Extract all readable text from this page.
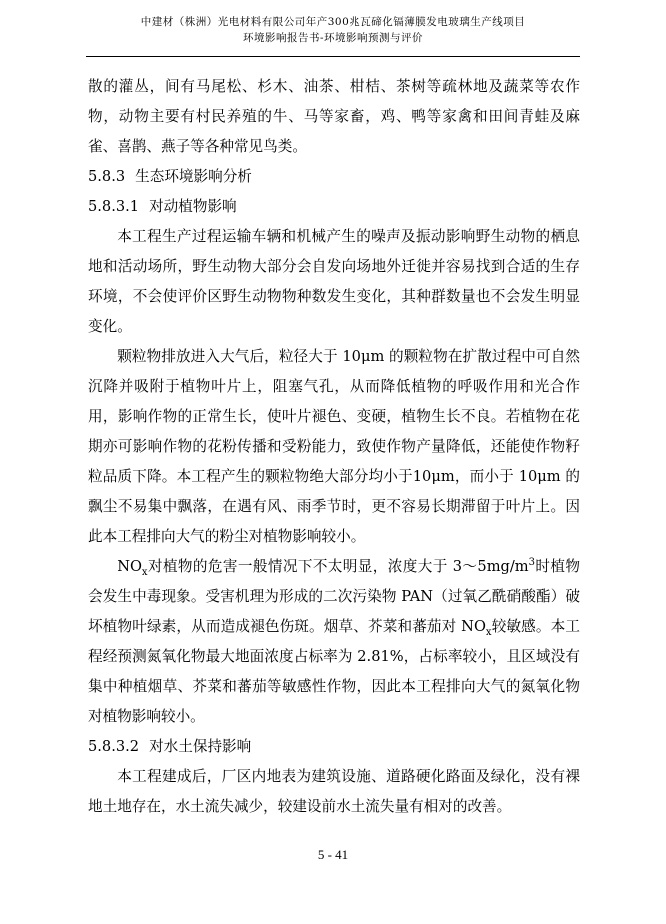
中建材（株洲）光电材料有限公司年产300兆瓦碲化镉薄膜发电玻璃生产线项目
环境影响报告书-环境影响预测与评价

散的灌丛，间有马尾松、杉木、油茶、柑桔、茶树等疏林地及蔬菜等农作物，动物主要有村民养殖的牛、马等家畜，鸡、鸭等家禽和田间青蛙及麻雀、喜鹊、燕子等各种常见鸟类。

5.8.3 生态环境影响分析

5.8.3.1 对动植物影响

本工程生产过程运输车辆和机械产生的噪声及振动影响野生动物的栖息地和活动场所，野生动物大部分会自发向场地外迁徙并容易找到合适的生存环境，不会使评价区野生动物物种数发生变化，其种群数量也不会发生明显变化。

颗粒物排放进入大气后，粒径大于 10μm 的颗粒物在扩散过程中可自然沉降并吸附于植物叶片上，阻塞气孔，从而降低植物的呼吸作用和光合作用，影响作物的正常生长，使叶片褪色、变硬，植物生长不良。若植物在花期亦可影响作物的花粉传播和受粉能力，致使作物产量降低，还能使作物籽粒品质下降。本工程产生的颗粒物绝大部分均小于10μm，而小于 10μm 的飘尘不易集中飘落，在遇有风、雨季节时，更不容易长期滞留于叶片上。因此本工程排向大气的粉尘对植物影响较小。

$NO_x$对植物的危害一般情况下不太明显，浓度大于 $3\sim 5mg/m^3$时植物会发生中毒现象。受害机理为形成的二次污染物 PAN（过氧乙酰硝酸酯）破坏植物叶绿素，从而造成褪色伤斑。烟草、芥菜和蕃茄对 $NO_x$较敏感。本工程经预测氮氧化物最大地面浓度占标率为 2.81%，占标率较小，且区域没有集中种植烟草、芥菜和蕃茄等敏感性作物，因此本工程排向大气的氮氧化物对植物影响较小。

5.8.3.2 对水土保持影响

本工程建成后，厂区内地表为建筑设施、道路硬化路面及绿化，没有裸地土地存在，水土流失减少，较建设前水土流失量有相对的改善。

5 - 41
